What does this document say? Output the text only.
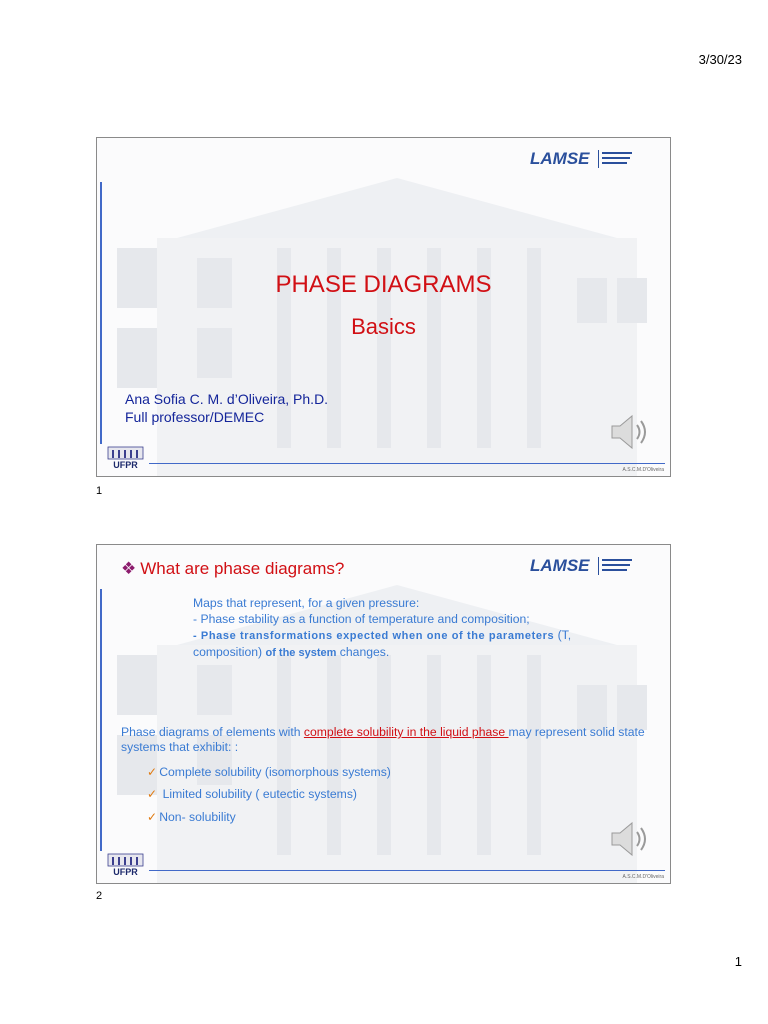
3/30/23
LAMSE
PHASE DIAGRAMS
Basics
Ana Sofia C. M. d’Oliveira, Ph.D.
Full professor/DEMEC
UFPR	A.S.C.M.D'Oliveira
1
LAMSE
❖ What are phase diagrams?
Maps that represent, for a given pressure:
- Phase stability as a function of temperature and composition;
- Phase transformations expected when one of the parameters (T, composition) of the system changes.
Phase diagrams of elements with complete solubility in the liquid phase may represent solid state systems that exhibit: :
✓ Complete solubility (isomorphous systems)
✓ Limited solubility ( eutectic systems)
✓ Non- solubility
UFPR	A.S.C.M.D'Oliveira
2
1
